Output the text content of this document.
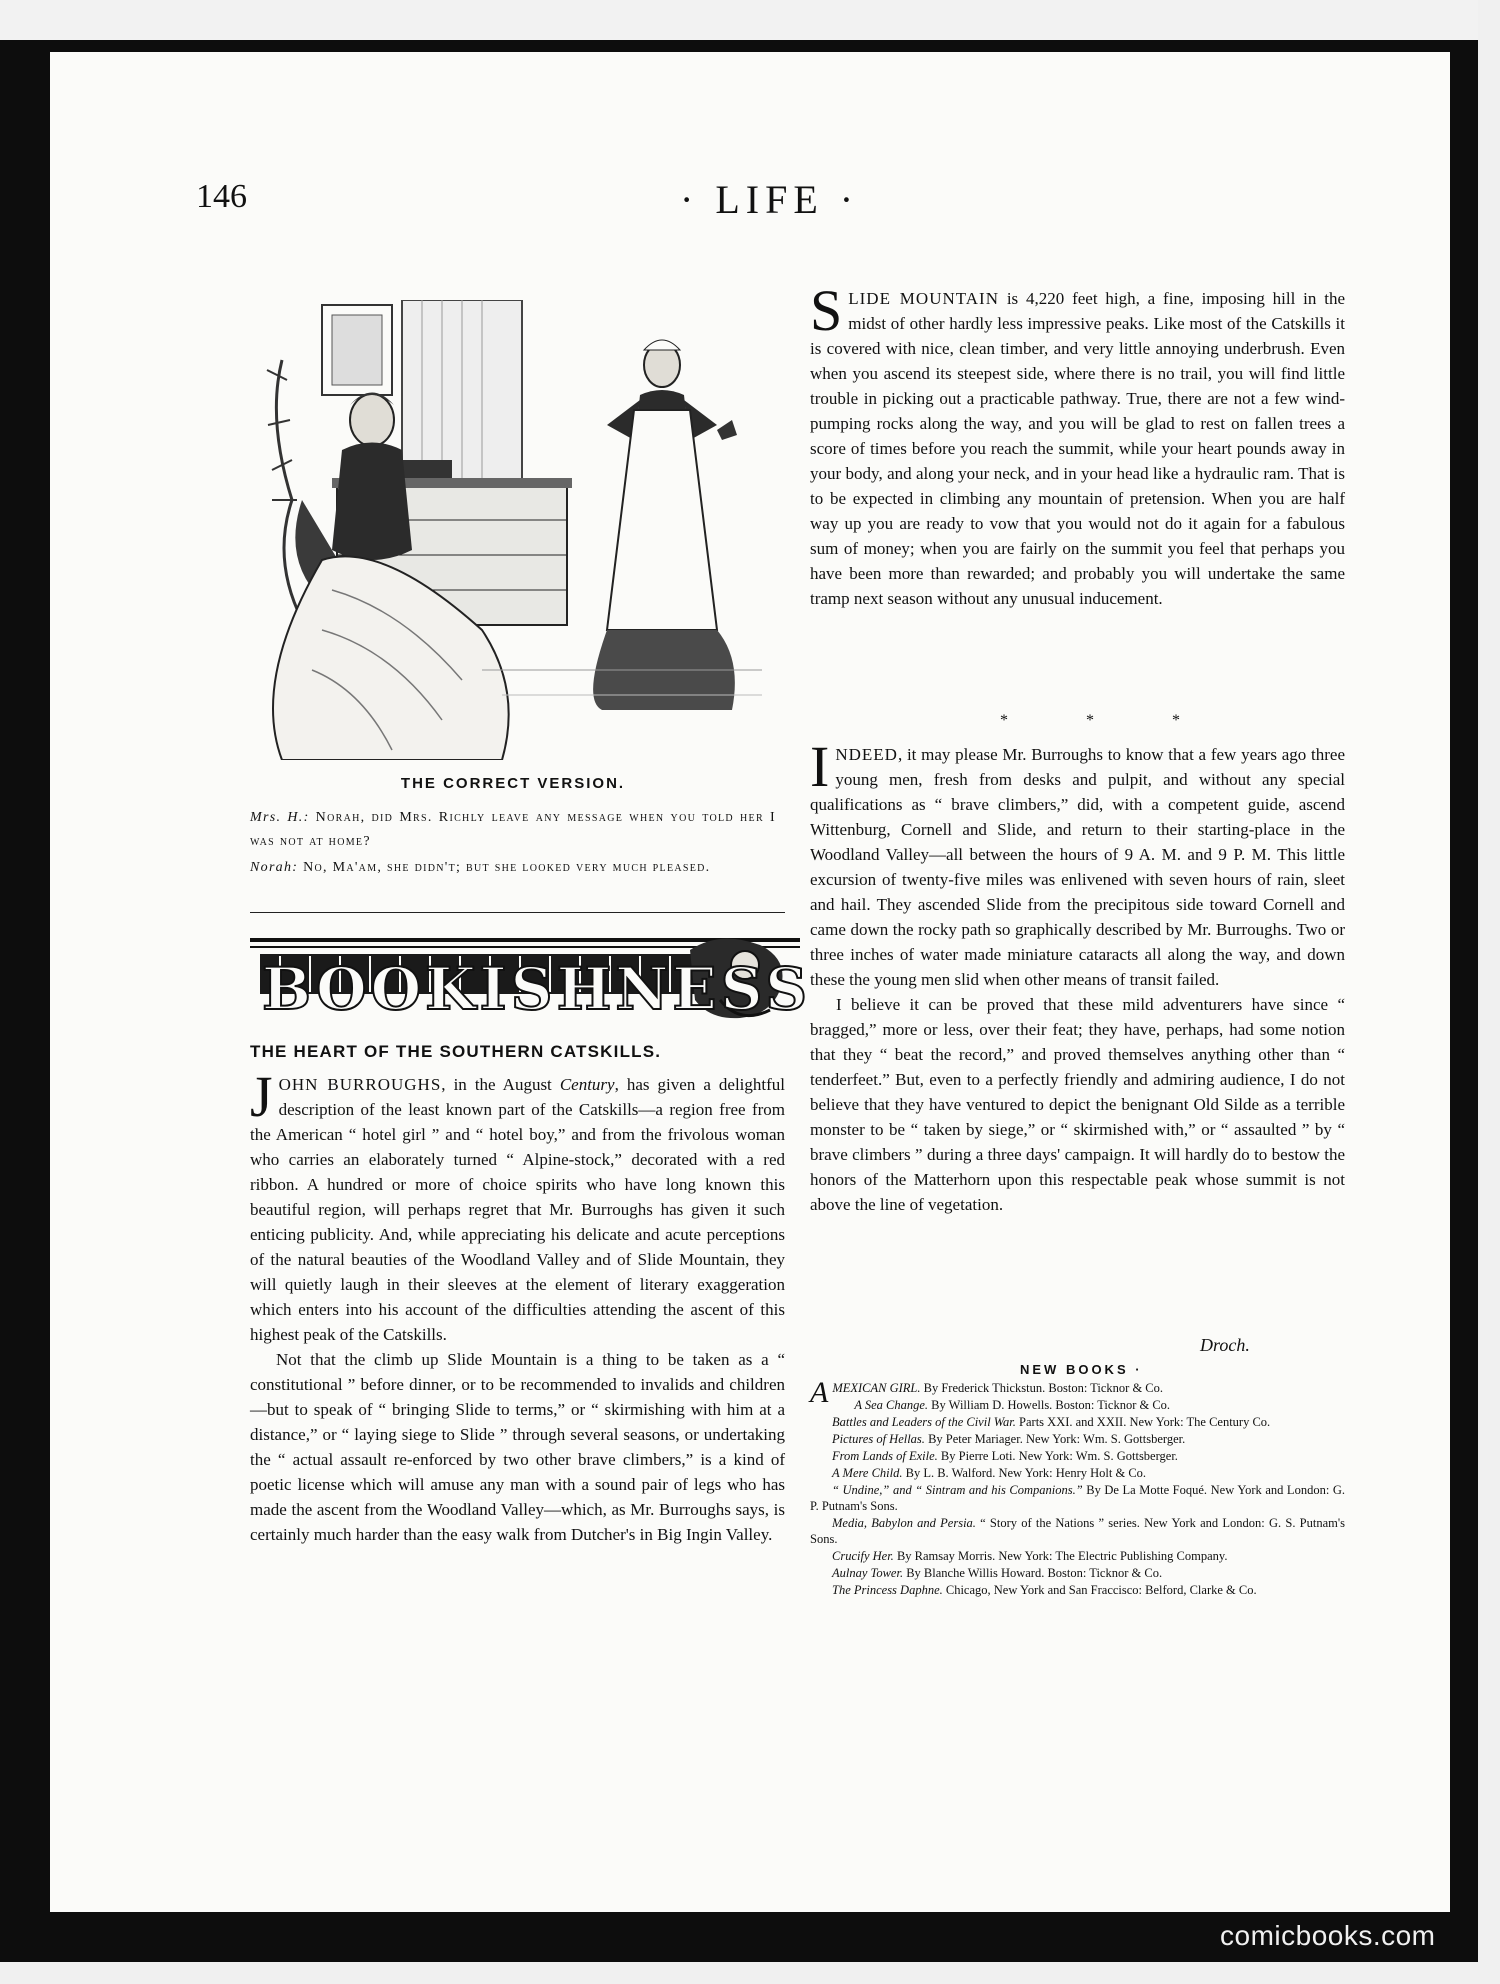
146	· LIFE ·
THE CORRECT VERSION.
Mrs. H.: Norah, did Mrs. Richly leave any message when you told her I was not at home?
Norah: No, Ma'am, she didn't; but she looked very much pleased.
BOOKISHNESS
THE HEART OF THE SOUTHERN CATSKILLS.

JOHN BURROUGHS, in the August Century, has given a delightful description of the least known part of the Catskills—a region free from the American “ hotel girl ” and “ hotel boy,” and from the frivolous woman who carries an elaborately turned “ Alpine-stock,” decorated with a red ribbon. A hundred or more of choice spirits who have long known this beautiful region, will perhaps regret that Mr. Burroughs has given it such enticing publicity. And, while appreciating his delicate and acute perceptions of the natural beauties of the Woodland Valley and of Slide Mountain, they will quietly laugh in their sleeves at the element of literary exaggeration which enters into his account of the difficulties attending the ascent of this highest peak of the Catskills.

Not that the climb up Slide Mountain is a thing to be taken as a “ constitutional ” before dinner, or to be recommended to invalids and children—but to speak of “ bringing Slide to terms,” or “ skirmishing with him at a distance,” or “ laying siege to Slide ” through several seasons, or undertaking the “ actual assault re-enforced by two other brave climbers,” is a kind of poetic license which will amuse any man with a sound pair of legs who has made the ascent from the Woodland Valley—which, as Mr. Burroughs says, is certainly much harder than the easy walk from Dutcher's in Big Ingin Valley.

SLIDE MOUNTAIN is 4,220 feet high, a fine, imposing hill in the midst of other hardly less impressive peaks. Like most of the Catskills it is covered with nice, clean timber, and very little annoying underbrush. Even when you ascend its steepest side, where there is no trail, you will find little trouble in picking out a practicable pathway. True, there are not a few wind-pumping rocks along the way, and you will be glad to rest on fallen trees a score of times before you reach the summit, while your heart pounds away in your body, and along your neck, and in your head like a hydraulic ram. That is to be expected in climbing any mountain of pretension. When you are half way up you are ready to vow that you would not do it again for a fabulous sum of money; when you are fairly on the summit you feel that perhaps you have been more than rewarded; and probably you will undertake the same tramp next season without any unusual inducement.

*	*	*

INDEED, it may please Mr. Burroughs to know that a few years ago three young men, fresh from desks and pulpit, and without any special qualifications as “ brave climbers,” did, with a competent guide, ascend Wittenburg, Cornell and Slide, and return to their starting-place in the Woodland Valley—all between the hours of 9 A. M. and 9 P. M. This little excursion of twenty-five miles was enlivened with seven hours of rain, sleet and hail. They ascended Slide from the precipitous side toward Cornell and came down the rocky path so graphically described by Mr. Burroughs. Two or three inches of water made miniature cataracts all along the way, and down these the young men slid when other means of transit failed.

I believe it can be proved that these mild adventurers have since “ bragged,” more or less, over their feat; they have, perhaps, had some notion that they “ beat the record,” and proved themselves anything other than “ tenderfeet.” But, even to a perfectly friendly and admiring audience, I do not believe that they have ventured to depict the benignant Old Silde as a terrible monster to be “ taken by siege,” or “ skirmished with,” or “ assaulted ” by “ brave climbers ” during a three days' campaign. It will hardly do to bestow the honors of the Matterhorn upon this respectable peak whose summit is not above the line of vegetation.

Droch.
NEW BOOKS ·

AMEXICAN GIRL. By Frederick Thickstun. Boston: Ticknor & Co.

A Sea Change. By William D. Howells. Boston: Ticknor & Co.

Battles and Leaders of the Civil War. Parts XXI. and XXII. New York: The Century Co.

Pictures of Hellas. By Peter Mariager. New York: Wm. S. Gottsberger.

From Lands of Exile. By Pierre Loti. New York: Wm. S. Gottsberger.

A Mere Child. By L. B. Walford. New York: Henry Holt & Co.

“ Undine,” and “ Sintram and his Companions.” By De La Motte Foqué. New York and London: G. P. Putnam's Sons.

Media, Babylon and Persia. “ Story of the Nations ” series. New York and London: G. S. Putnam's Sons.

Crucify Her. By Ramsay Morris. New York: The Electric Publishing Company.

Aulnay Tower. By Blanche Willis Howard. Boston: Ticknor & Co.

The Princess Daphne. Chicago, New York and San Fraccisco: Belford, Clarke & Co.

comicbooks.com
